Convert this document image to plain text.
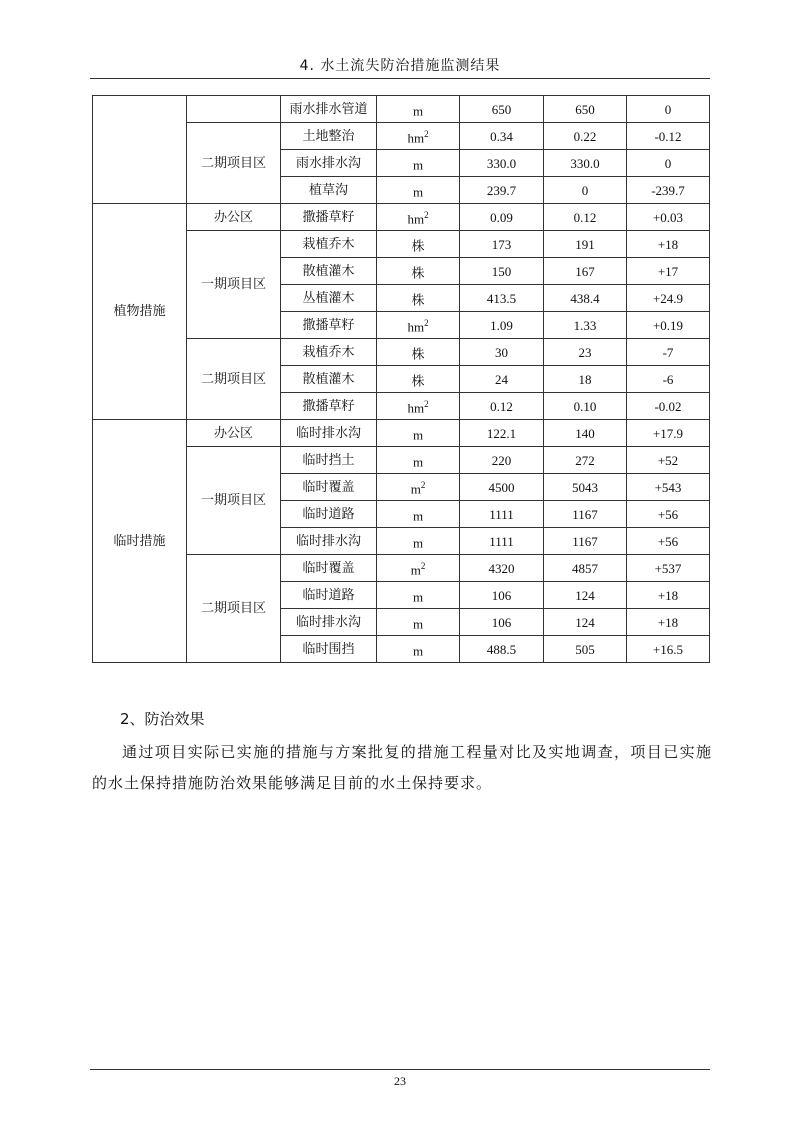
4. 水土流失防治措施监测结果
		雨水排水管道	m	650	650	0
	二期项目区	土地整治	$hm^2$	0.34	0.22	-0.12
		雨水排水沟	m	330.0	330.0	0
		植草沟	m	239.7	0	-239.7
植物措施	办公区	撒播草籽	$hm^2$	0.09	0.12	+0.03
	一期项目区	栽植乔木	株	173	191	+18
		散植灌木	株	150	167	+17
		丛植灌木	株	413.5	438.4	+24.9
		撒播草籽	$hm^2$	1.09	1.33	+0.19
	二期项目区	栽植乔木	株	30	23	-7
		散植灌木	株	24	18	-6
		撒播草籽	$hm^2$	0.12	0.10	-0.02
临时措施	办公区	临时排水沟	m	122.1	140	+17.9
	一期项目区	临时挡土	m	220	272	+52
		临时覆盖	$m^2$	4500	5043	+543
		临时道路	m	1111	1167	+56
		临时排水沟	m	1111	1167	+56
	二期项目区	临时覆盖	$m^2$	4320	4857	+537
		临时道路	m	106	124	+18
		临时排水沟	m	106	124	+18
		临时围挡	m	488.5	505	+16.5
2、防治效果
通过项目实际已实施的措施与方案批复的措施工程量对比及实地调查，项目已实施的水土保持措施防治效果能够满足目前的水土保持要求。
23
